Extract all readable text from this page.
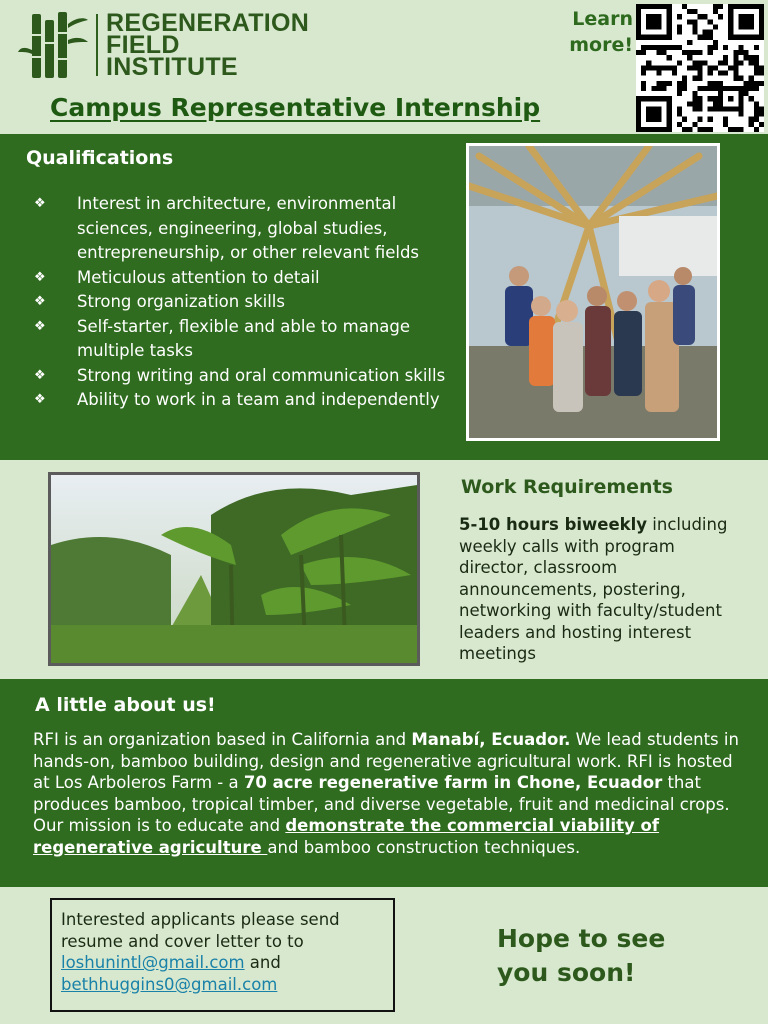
REGENERATION
FIELD
INSTITUTE
Learn
more!
Campus Representative Internship
Qualifications
❖ Interest in architecture, environmental sciences, engineering, global studies, entrepreneurship, or other relevant fields
❖ Meticulous attention to detail
❖ Strong organization skills
❖ Self-starter, flexible and able to manage multiple tasks
❖ Strong writing and oral communication skills
❖ Ability to work in a team and independently
Work Requirements
5-10 hours biweekly including weekly calls with program director, classroom announcements, postering, networking with faculty/student leaders and hosting interest meetings
A little about us!
RFI is an organization based in California and Manabí, Ecuador. We lead students in hands-on, bamboo building, design and regenerative agricultural work. RFI is hosted at Los Arboleros Farm - a 70 acre regenerative farm in Chone, Ecuador that produces bamboo, tropical timber, and diverse vegetable, fruit and medicinal crops. Our mission is to educate and demonstrate the commercial viability of regenerative agriculture and bamboo construction techniques.
Interested applicants please send resume and cover letter to to
loshunintl@gmail.com and
bethhuggins0@gmail.com
Hope to see
you soon!
